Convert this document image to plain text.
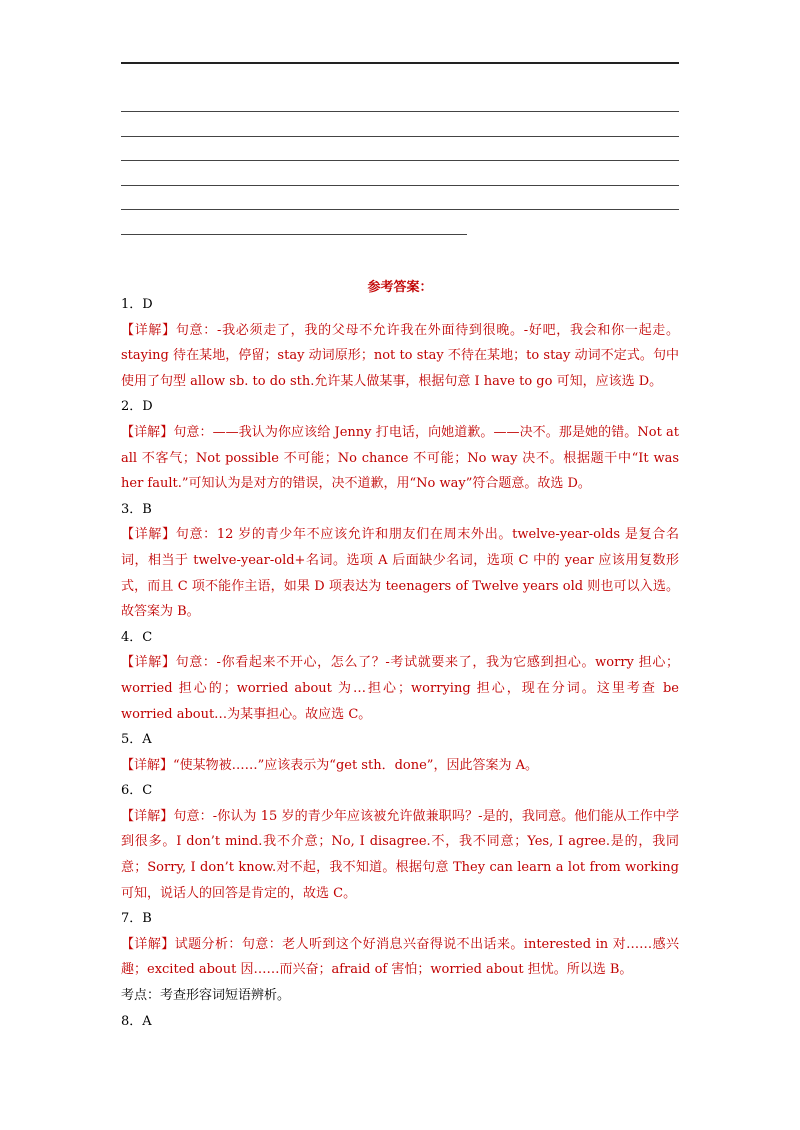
参考答案：
1．D
【详解】句意：-我必须走了，我的父母不允许我在外面待到很晚。-好吧，我会和你一起走。staying 待在某地，停留；stay 动词原形；not to stay 不待在某地；to stay 动词不定式。句中使用了句型 allow sb. to do sth.允许某人做某事，根据句意 I have to go 可知，应该选 D。
2．D
【详解】句意：——我认为你应该给 Jenny 打电话，向她道歉。——决不。那是她的错。Not at all 不客气；Not possible 不可能；No chance 不可能；No way 决不。根据题干中“It was her fault.”可知认为是对方的错误，决不道歉，用“No way”符合题意。故选 D。
3．B
【详解】句意：12 岁的青少年不应该允许和朋友们在周末外出。twelve-year-olds 是复合名词，相当于 twelve-year-old+名词。选项 A 后面缺少名词，选项 C 中的 year 应该用复数形式，而且 C 项不能作主语，如果 D 项表达为 teenagers of Twelve years old 则也可以入选。故答案为 B。
4．C
【详解】句意：-你看起来不开心，怎么了？-考试就要来了，我为它感到担心。worry 担心；worried 担心的；worried about 为…担心；worrying 担心，现在分词。这里考查 be worried about…为某事担心。故应选 C。
5．A
【详解】“使某物被……”应该表示为“get sth．done”，因此答案为 A。
6．C
【详解】句意：-你认为 15 岁的青少年应该被允许做兼职吗？-是的，我同意。他们能从工作中学到很多。I don’t mind.我不介意；No, I disagree.不，我不同意；Yes, I agree.是的，我同意；Sorry, I don’t know.对不起，我不知道。根据句意 They can learn a lot from working 可知，说话人的回答是肯定的，故选 C。
7．B
【详解】试题分析：句意：老人听到这个好消息兴奋得说不出话来。interested in 对……感兴趣；excited about 因……而兴奋；afraid of 害怕；worried about 担忧。所以选 B。
考点：考查形容词短语辨析。
8．A
